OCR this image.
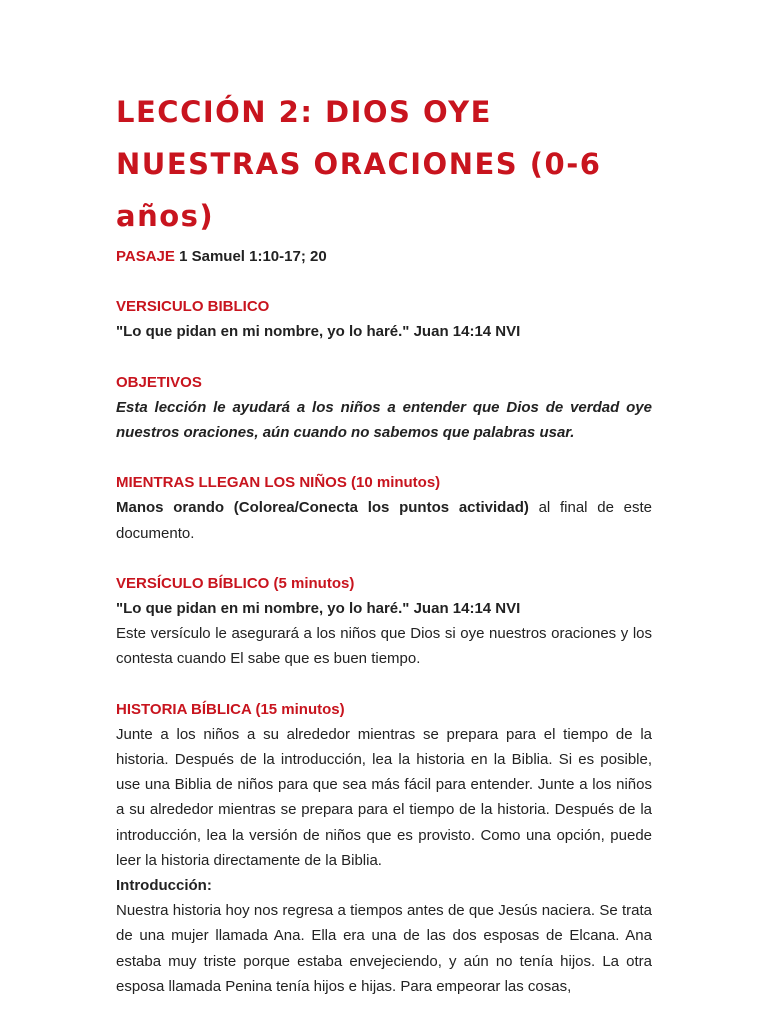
LECCIÓN 2: DIOS OYE NUESTRAS ORACIONES (0-6 años)

PASAJE 1 Samuel 1:10-17; 20

VERSICULO BIBLICO

"Lo que pidan en mi nombre, yo lo haré." Juan 14:14 NVI

OBJETIVOS

Esta lección le ayudará a los niños a entender que Dios de verdad oye nuestros oraciones, aún cuando no sabemos que palabras usar.

MIENTRAS LLEGAN LOS NIÑOS (10 minutos)

Manos orando (Colorea/Conecta los puntos actividad) al final de este documento.

VERSÍCULO BÍBLICO (5 minutos)

"Lo que pidan en mi nombre, yo lo haré." Juan 14:14 NVI

Este versículo le asegurará a los niños que Dios si oye nuestros oraciones y los contesta cuando El sabe que es buen tiempo.

HISTORIA BÍBLICA (15 minutos)

Junte a los niños a su alrededor mientras se prepara para el tiempo de la historia. Después de la introducción, lea la historia en la Biblia. Si es posible, use una Biblia de niños para que sea más fácil para entender. Junte a los niños a su alrededor mientras se prepara para el tiempo de la historia. Después de la introducción, lea la versión de niños que es provisto. Como una opción, puede leer la historia directamente de la Biblia.

Introducción:

Nuestra historia hoy nos regresa a tiempos antes de que Jesús naciera. Se trata de una mujer llamada Ana. Ella era una de las dos esposas de Elcana. Ana estaba muy triste porque estaba envejeciendo, y aún no tenía hijos. La otra esposa llamada Penina tenía hijos e hijas. Para empeorar las cosas,
